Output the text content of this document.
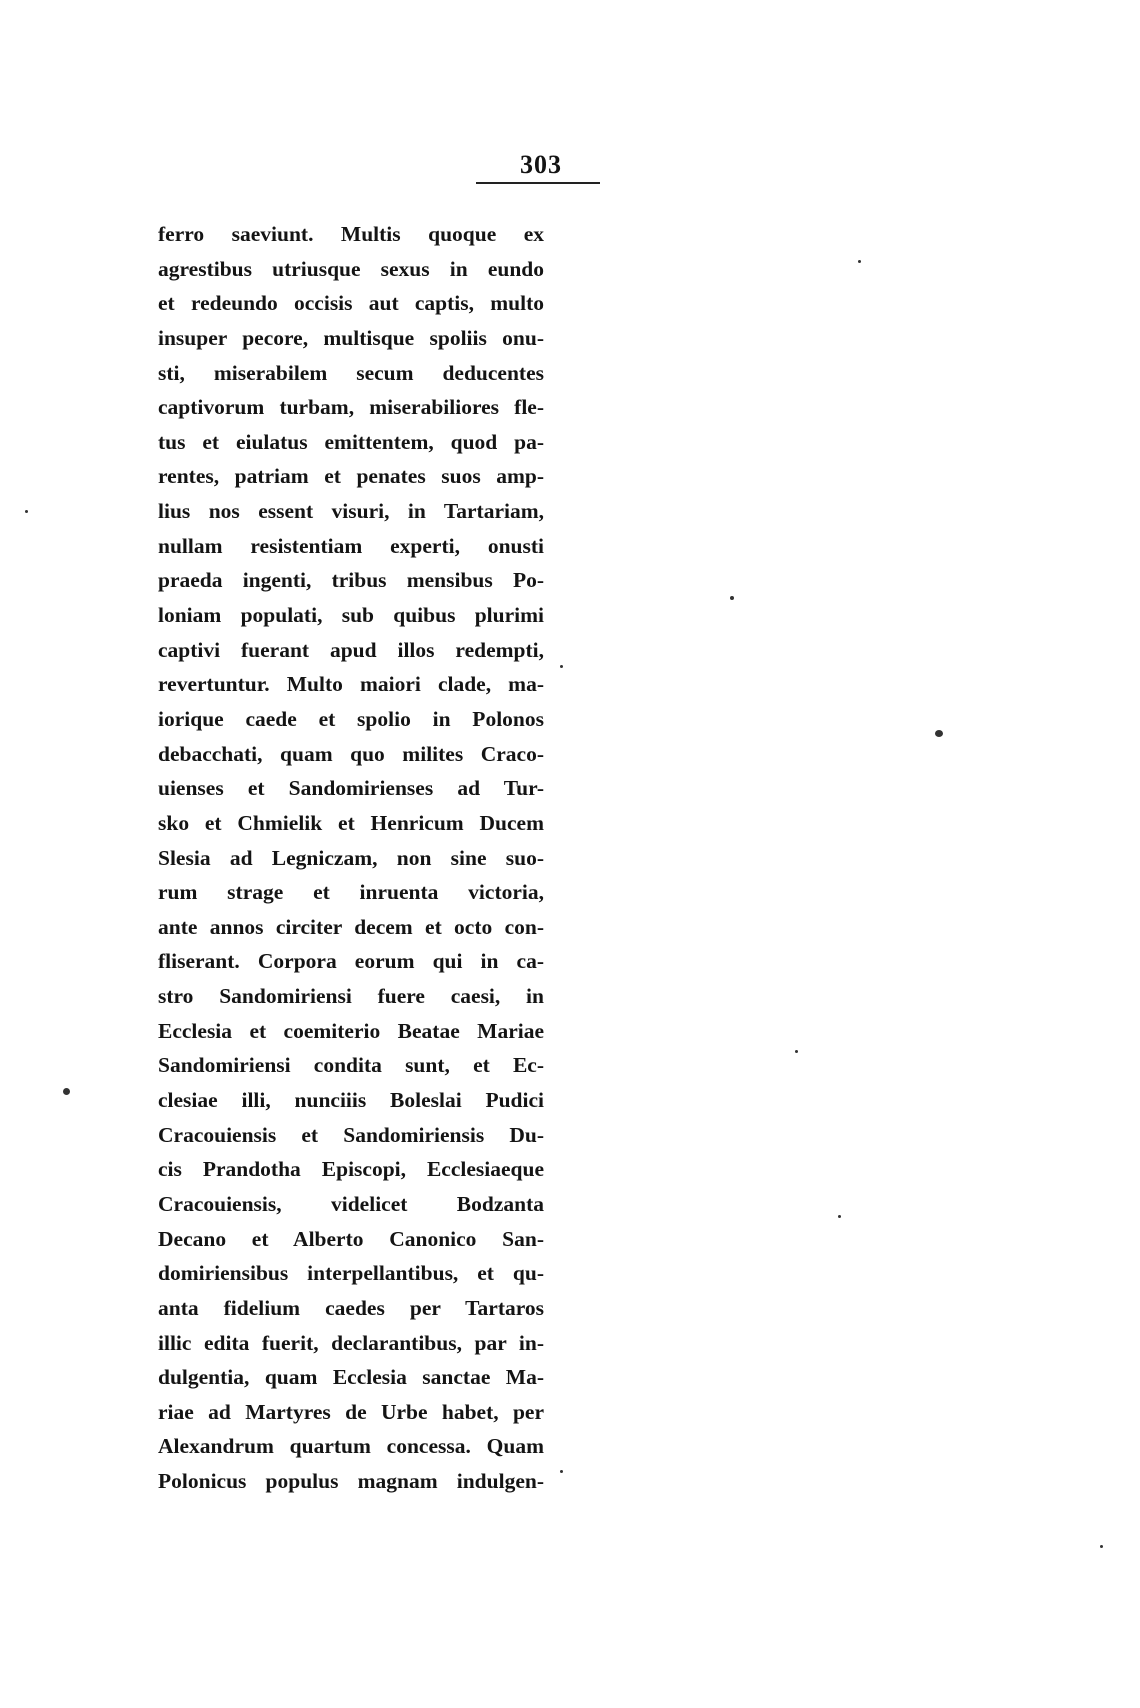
303
ferro saeviunt. Multis quoque ex
agrestibus utriusque sexus in eundo
et redeundo occisis aut captis, multo
insuper pecore, multisque spoliis onu-
sti, miserabilem secum deducentes
captivorum turbam, miserabiliores fle-
tus et eiulatus emittentem, quod pa-
rentes, patriam et penates suos amp-
lius nos essent visuri, in Tartariam,
nullam resistentiam experti, onusti
praeda ingenti, tribus mensibus Po-
loniam populati, sub quibus plurimi
captivi fuerant apud illos redempti,
revertuntur. Multo maiori clade, ma-
iorique caede et spolio in Polonos
debacchati, quam quo milites Craco-
uienses et Sandomirienses ad Tur-
sko et Chmielik et Henricum Ducem
Slesia ad Legniczam, non sine suo-
rum strage et inruenta victoria,
ante annos circiter decem et octo con-
fliserant. Corpora eorum qui in ca-
stro Sandomiriensi fuere caesi, in
Ecclesia et coemiterio Beatae Mariae
Sandomiriensi condita sunt, et Ec-
clesiae illi, nunciiis Boleslai Pudici
Cracouiensis et Sandomiriensis Du-
cis Prandotha Episcopi, Ecclesiaeque
Cracouiensis, videlicet Bodzanta
Decano et Alberto Canonico San-
domiriensibus interpellantibus, et qu-
anta fidelium caedes per Tartaros
illic edita fuerit, declarantibus, par in-
dulgentia, quam Ecclesia sanctae Ma-
riae ad Martyres de Urbe habet, per
Alexandrum quartum concessa. Quam
Polonicus populus magnam indulgen-
